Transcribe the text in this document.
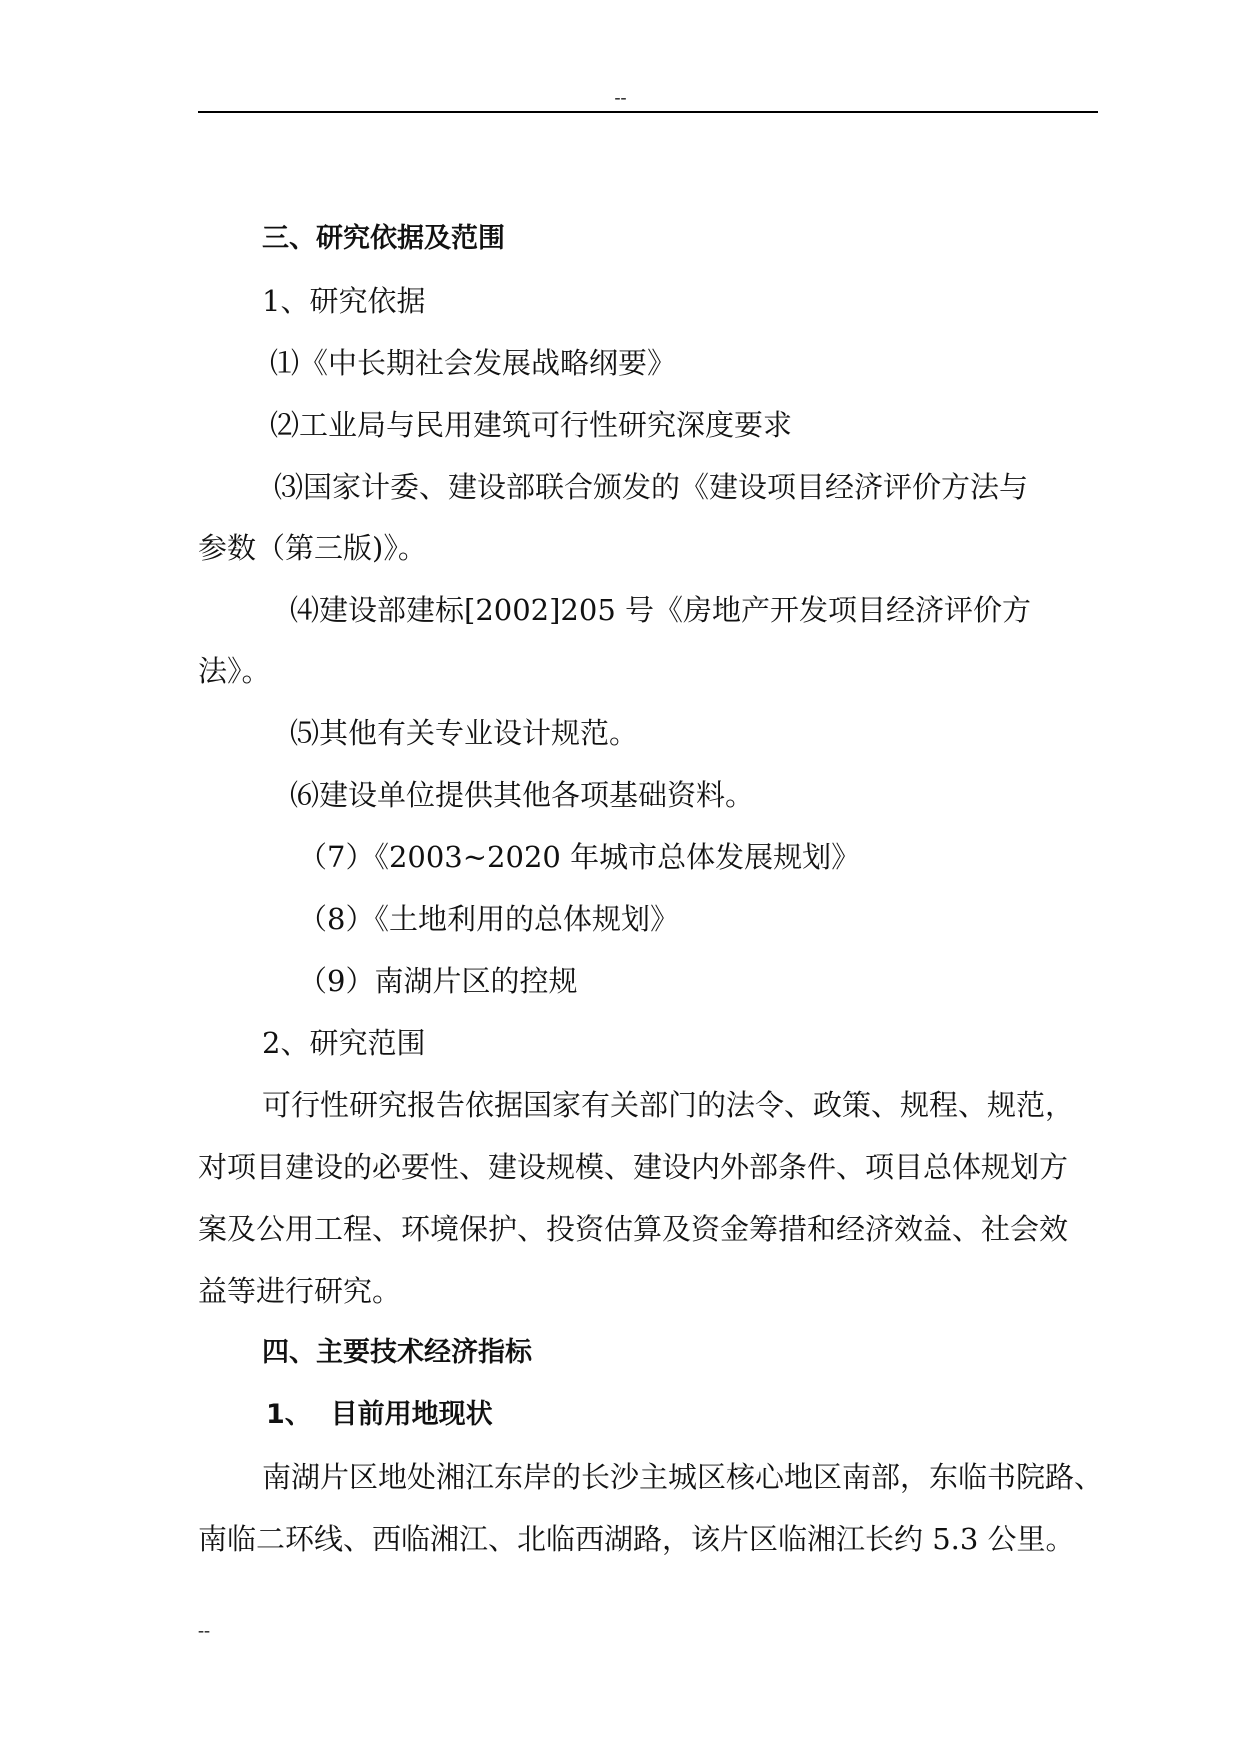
--
三、研究依据及范围
1、研究依据
⑴《中长期社会发展战略纲要》
⑵工业局与民用建筑可行性研究深度要求
⑶国家计委、建设部联合颁发的《建设项目经济评价方法与
参数（第三版)》。
⑷建设部建标[2002]205 号《房地产开发项目经济评价方
法》。
⑸其他有关专业设计规范。
⑹建设单位提供其他各项基础资料。
（7）《2003~2020 年城市总体发展规划》
（8）《土地利用的总体规划》
（9）南湖片区的控规
2、研究范围
可行性研究报告依据国家有关部门的法令、政策、规程、规范，
对项目建设的必要性、建设规模、建设内外部条件、项目总体规划方
案及公用工程、环境保护、投资估算及资金筹措和经济效益、社会效
益等进行研究。
四、主要技术经济指标
1、  目前用地现状
南湖片区地处湘江东岸的长沙主城区核心地区南部，东临书院路、
南临二环线、西临湘江、北临西湖路，该片区临湘江长约 5.3 公里。
--
